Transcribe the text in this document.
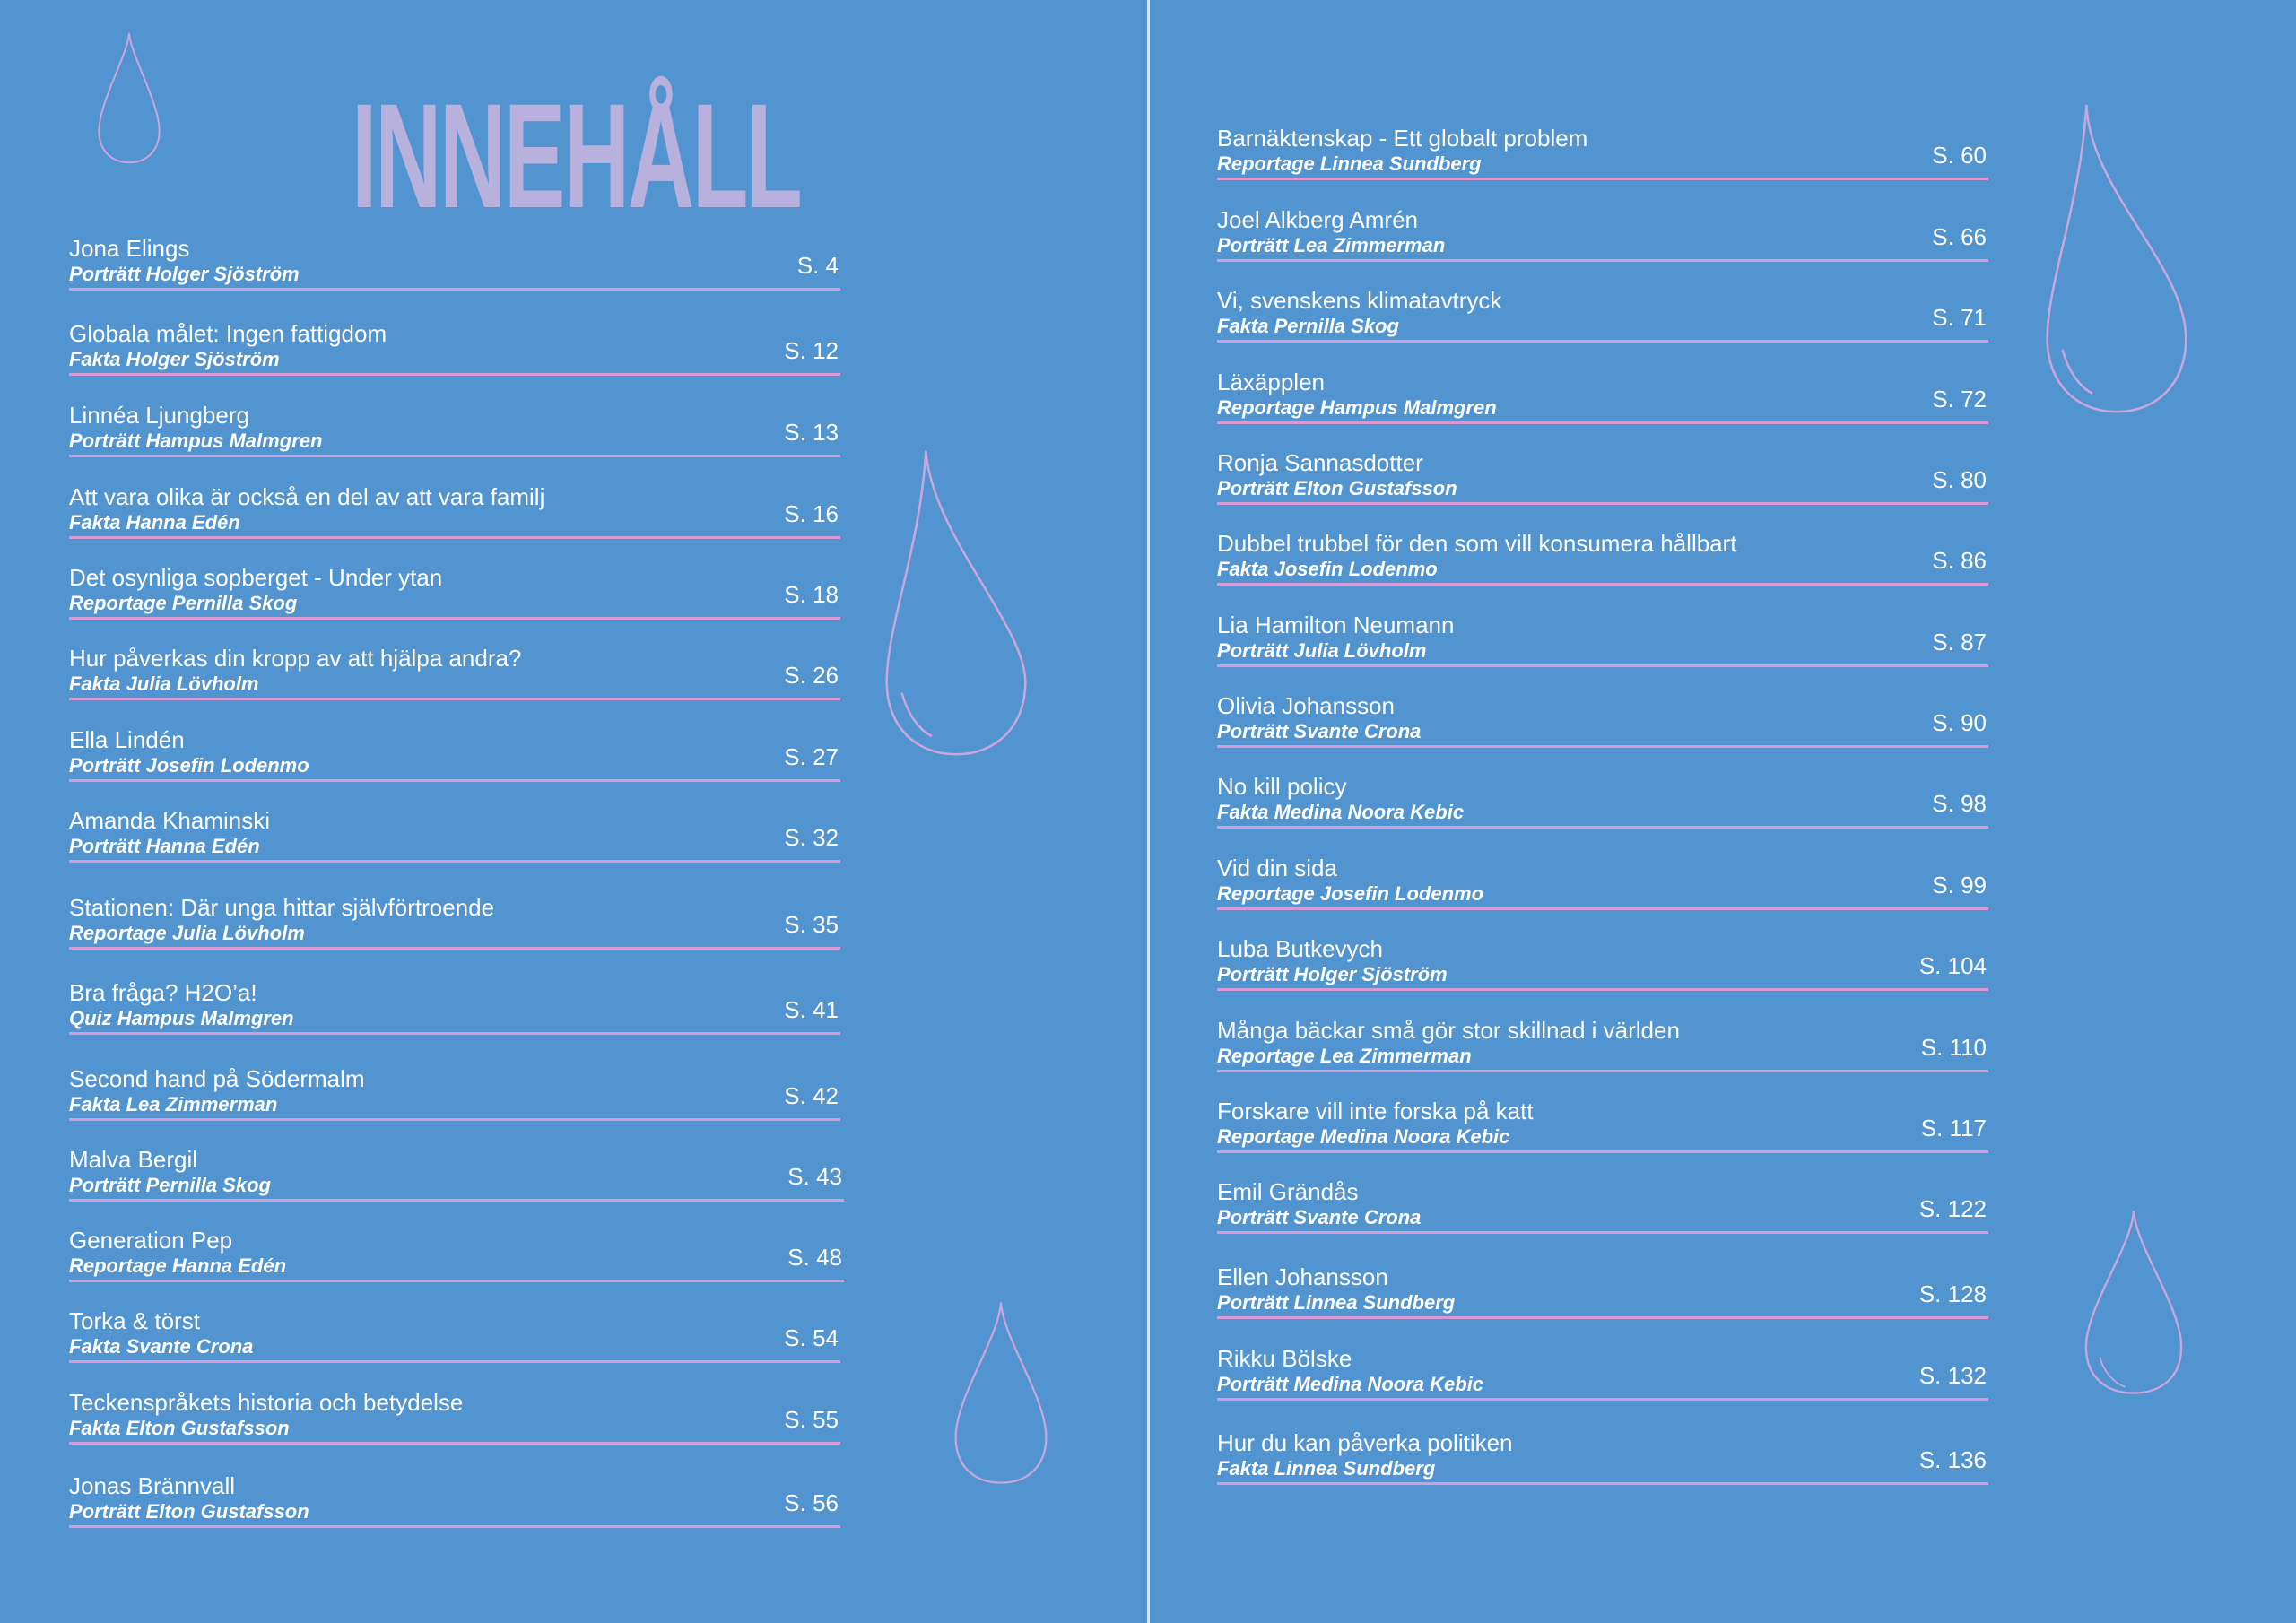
INNEHÅLL
Jona Elings
Porträtt Holger Sjöström	S. 4
Globala målet: Ingen fattigdom
Fakta Holger Sjöström	S. 12
Linnéa Ljungberg
Porträtt Hampus Malmgren	S. 13
Att vara olika är också en del av att vara familj
Fakta Hanna Edén	S. 16
Det osynliga sopberget - Under ytan
Reportage Pernilla Skog	S. 18
Hur påverkas din kropp av att hjälpa andra?
Fakta Julia Lövholm	S. 26
Ella Lindén
Porträtt Josefin Lodenmo	S. 27
Amanda Khaminski
Porträtt Hanna Edén	S. 32
Stationen: Där unga hittar självförtroende
Reportage Julia Lövholm	S. 35
Bra fråga? H2O’a!
Quiz Hampus Malmgren	S. 41
Second hand på Södermalm
Fakta Lea Zimmerman	S. 42
Malva Bergil
Porträtt Pernilla Skog	S. 43
Generation Pep
Reportage Hanna Edén	S. 48
Torka & törst
Fakta Svante Crona	S. 54
Teckenspråkets historia och betydelse
Fakta Elton Gustafsson	S. 55
Jonas Brännvall
Porträtt Elton Gustafsson	S. 56
Barnäktenskap - Ett globalt problem
Reportage Linnea Sundberg	S. 60
Joel Alkberg Amrén
Porträtt Lea Zimmerman	S. 66
Vi, svenskens klimatavtryck
Fakta Pernilla Skog	S. 71
Läxäpplen
Reportage Hampus Malmgren	S. 72
Ronja Sannasdotter
Porträtt Elton Gustafsson	S. 80
Dubbel trubbel för den som vill konsumera hållbart
Fakta Josefin Lodenmo	S. 86
Lia Hamilton Neumann
Porträtt Julia Lövholm	S. 87
Olivia Johansson
Porträtt Svante Crona	S. 90
No kill policy
Fakta Medina Noora Kebic	S. 98
Vid din sida
Reportage Josefin Lodenmo	S. 99
Luba Butkevych
Porträtt Holger Sjöström	S. 104
Många bäckar små gör stor skillnad i världen
Reportage Lea Zimmerman	S. 110
Forskare vill inte forska på katt
Reportage Medina Noora Kebic	S. 117
Emil Grändås
Porträtt Svante Crona	S. 122
Ellen Johansson
Porträtt Linnea Sundberg	S. 128
Rikku Bölske
Porträtt Medina Noora Kebic	S. 132
Hur du kan påverka politiken
Fakta Linnea Sundberg	S. 136
